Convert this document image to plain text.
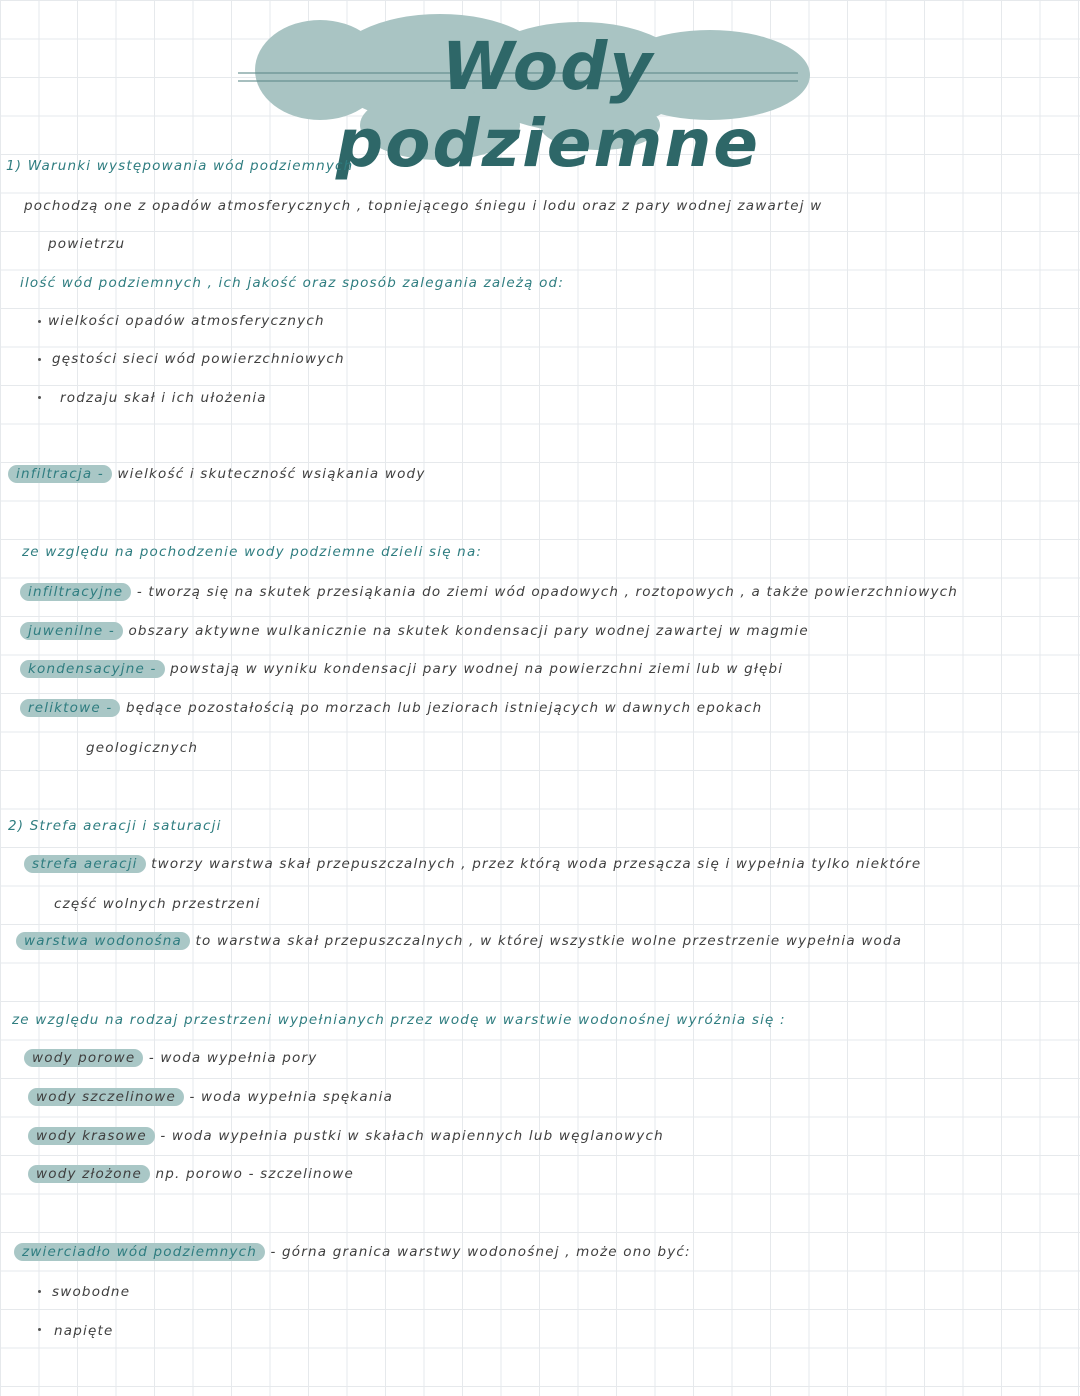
Wody podziemne
1) Warunki występowania wód podziemnych
pochodzą one z opadów atmosferycznych , topniejącego śniegu i lodu oraz z pary wodnej zawartej w
powietrzu
ilość wód podziemnych , ich jakość oraz sposób zalegania zależą od:
wielkości opadów atmosferycznych
gęstości sieci wód powierzchniowych
rodzaju skał i ich ułożenia
infiltracja - wielkość i skuteczność wsiąkania wody
ze względu na pochodzenie wody podziemne dzieli się na:
infiltracyjne - tworzą się na skutek przesiąkania do ziemi wód opadowych , roztopowych , a także powierzchniowych
juwenilne - obszary aktywne wulkanicznie na skutek kondensacji pary wodnej zawartej w magmie
kondensacyjne - powstają w wyniku kondensacji pary wodnej na powierzchni ziemi lub w głębi
reliktowe - będące pozostałością po morzach lub jeziorach istniejących w dawnych epokach
geologicznych
2) Strefa aeracji i saturacji
strefa aeracji tworzy warstwa skał przepuszczalnych , przez którą woda przesącza się i wypełnia tylko niektóre
część wolnych przestrzeni
warstwa wodonośna to warstwa skał przepuszczalnych , w której wszystkie wolne przestrzenie wypełnia woda
ze względu na rodzaj przestrzeni wypełnianych przez wodę w warstwie wodonośnej wyróżnia się :
wody porowe - woda wypełnia pory
wody szczelinowe - woda wypełnia spękania
wody krasowe - woda wypełnia pustki w skałach wapiennych lub węglanowych
wody złożone np. porowo - szczelinowe
zwierciadło wód podziemnych - górna granica warstwy wodonośnej , może ono być:
swobodne
napięte
